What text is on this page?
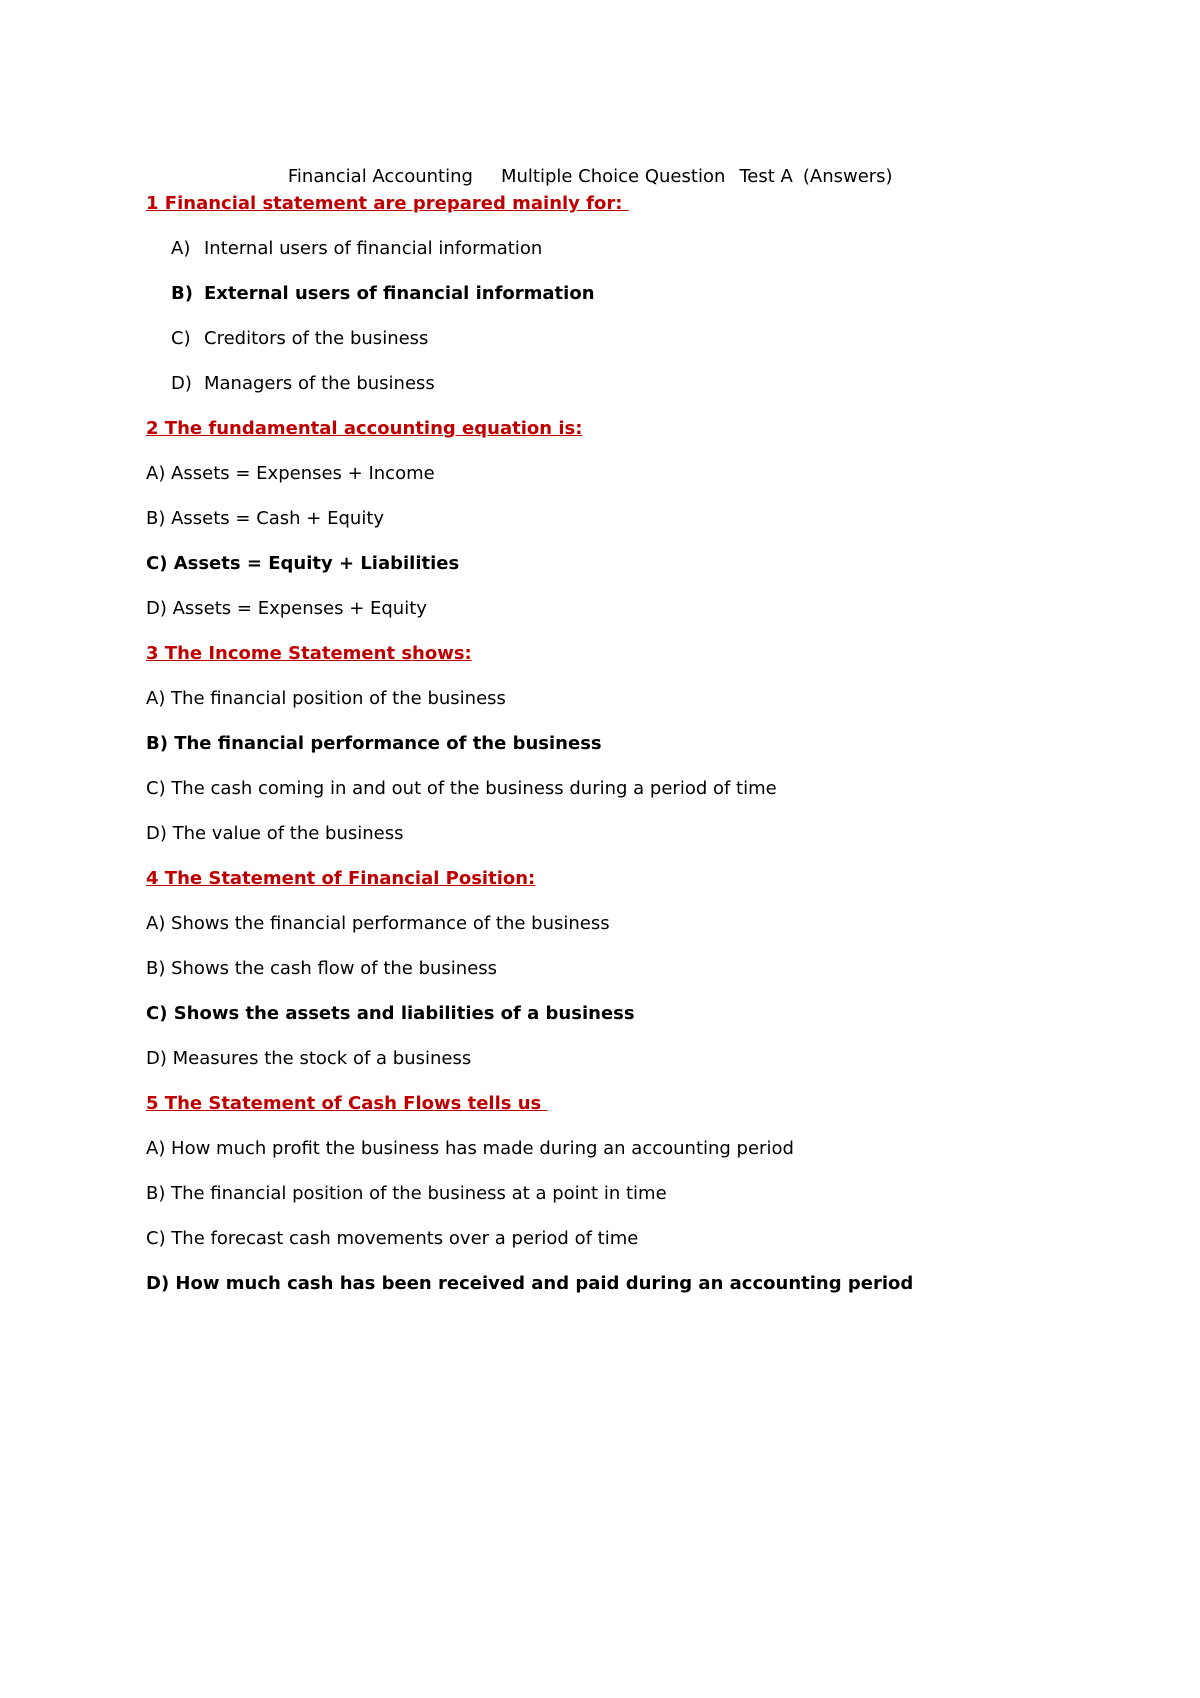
Financial Accounting Multiple Choice Question Test A (Answers)

1 Financial statement are prepared mainly for:
A) Internal users of financial information
B) External users of financial information
C) Creditors of the business
D) Managers of the business
2 The fundamental accounting equation is:
A) Assets = Expenses + Income
B) Assets = Cash + Equity
C) Assets = Equity + Liabilities
D) Assets = Expenses + Equity
3 The Income Statement shows:
A) The financial position of the business
B) The financial performance of the business
C) The cash coming in and out of the business during a period of time
D) The value of the business
4 The Statement of Financial Position:
A) Shows the financial performance of the business
B) Shows the cash flow of the business
C) Shows the assets and liabilities of a business
D) Measures the stock of a business
5 The Statement of Cash Flows tells us
A) How much profit the business has made during an accounting period
B) The financial position of the business at a point in time
C) The forecast cash movements over a period of time
D) How much cash has been received and paid during an accounting period
